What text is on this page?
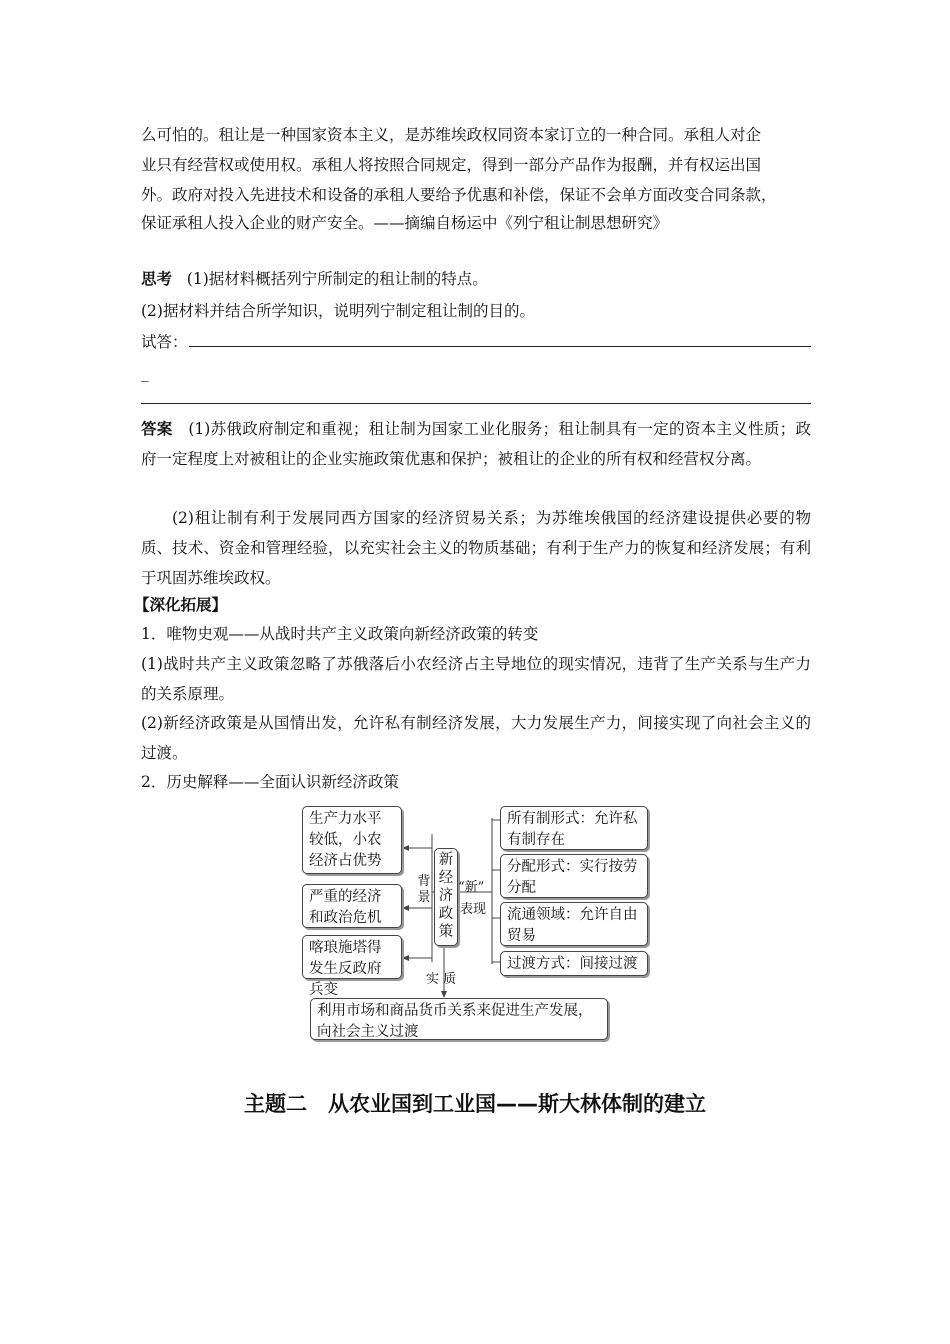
么可怕的。租让是一种国家资本主义，是苏维埃政权同资本家订立的一种合同。承租人对企
业只有经营权或使用权。承租人将按照合同规定，得到一部分产品作为报酬，并有权运出国
外。政府对投入先进技术和设备的承租人要给予优惠和补偿，保证不会单方面改变合同条款，
保证承租人投入企业的财产安全。——摘编自杨运中《列宁租让制思想研究》
思考 (1)据材料概括列宁所制定的租让制的特点。
(2)据材料并结合所学知识，说明列宁制定租让制的目的。
试答：
_
答案 (1)苏俄政府制定和重视；租让制为国家工业化服务；租让制具有一定的资本主义性质；政府一定程度上对被租让的企业实施政策优惠和保护；被租让的企业的所有权和经营权分离。
(2)租让制有利于发展同西方国家的经济贸易关系；为苏维埃俄国的经济建设提供必要的物质、技术、资金和管理经验，以充实社会主义的物质基础；有利于生产力的恢复和经济发展；有利于巩固苏维埃政权。
【深化拓展】
1．唯物史观——从战时共产主义政策向新经济政策的转变
(1)战时共产主义政策忽略了苏俄落后小农经济占主导地位的现实情况，违背了生产关系与生产力的关系原理。
(2)新经济政策是从国情出发，允许私有制经济发展，大力发展生产力，间接实现了向社会主义的过渡。
2．历史解释——全面认识新经济政策
生产力水平较低，小农经济占优势
严重的经济和政治危机
喀琅施塔得发生反政府兵变
背景
新经济政策
“新”
表现
所有制形式：允许私有制存在
分配形式：实行按劳分配
流通领域：允许自由贸易
过渡方式：间接过渡
实 质
利用市场和商品货币关系来促进生产发展，向社会主义过渡
主题二　从农业国到工业国——斯大林体制的建立
